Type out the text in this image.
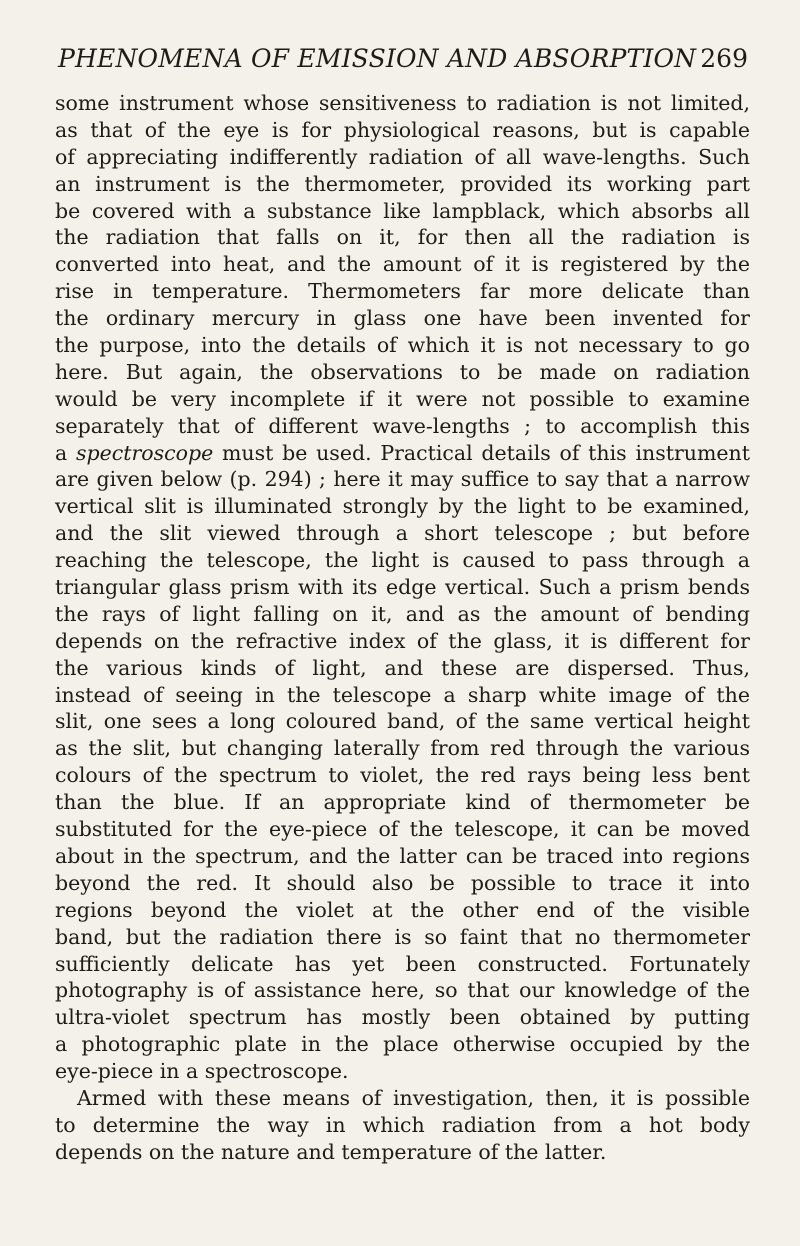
PHENOMENA OF EMISSION AND ABSORPTION 269
some instrument whose sensitiveness to radiation is not limited,
as that of the eye is for physiological reasons, but is capable
of appreciating indifferently radiation of all wave-lengths. Such
an instrument is the thermometer, provided its working part
be covered with a substance like lampblack, which absorbs all
the radiation that falls on it, for then all the radiation is
converted into heat, and the amount of it is registered by the
rise in temperature. Thermometers far more delicate than
the ordinary mercury in glass one have been invented for
the purpose, into the details of which it is not necessary to go
here. But again, the observations to be made on radiation
would be very incomplete if it were not possible to examine
separately that of different wave-lengths ; to accomplish this
a spectroscope must be used. Practical details of this instrument
are given below (p. 294) ; here it may suffice to say that a narrow
vertical slit is illuminated strongly by the light to be examined,
and the slit viewed through a short telescope ; but before
reaching the telescope, the light is caused to pass through a
triangular glass prism with its edge vertical. Such a prism bends
the rays of light falling on it, and as the amount of bending
depends on the refractive index of the glass, it is different for
the various kinds of light, and these are dispersed. Thus,
instead of seeing in the telescope a sharp white image of the
slit, one sees a long coloured band, of the same vertical height
as the slit, but changing laterally from red through the various
colours of the spectrum to violet, the red rays being less bent
than the blue. If an appropriate kind of thermometer be
substituted for the eye-piece of the telescope, it can be moved
about in the spectrum, and the latter can be traced into regions
beyond the red. It should also be possible to trace it into
regions beyond the violet at the other end of the visible
band, but the radiation there is so faint that no thermometer
sufficiently delicate has yet been constructed. Fortunately
photography is of assistance here, so that our knowledge of the
ultra-violet spectrum has mostly been obtained by putting
a photographic plate in the place otherwise occupied by the
eye-piece in a spectroscope.
Armed with these means of investigation, then, it is possible
to determine the way in which radiation from a hot body
depends on the nature and temperature of the latter.
